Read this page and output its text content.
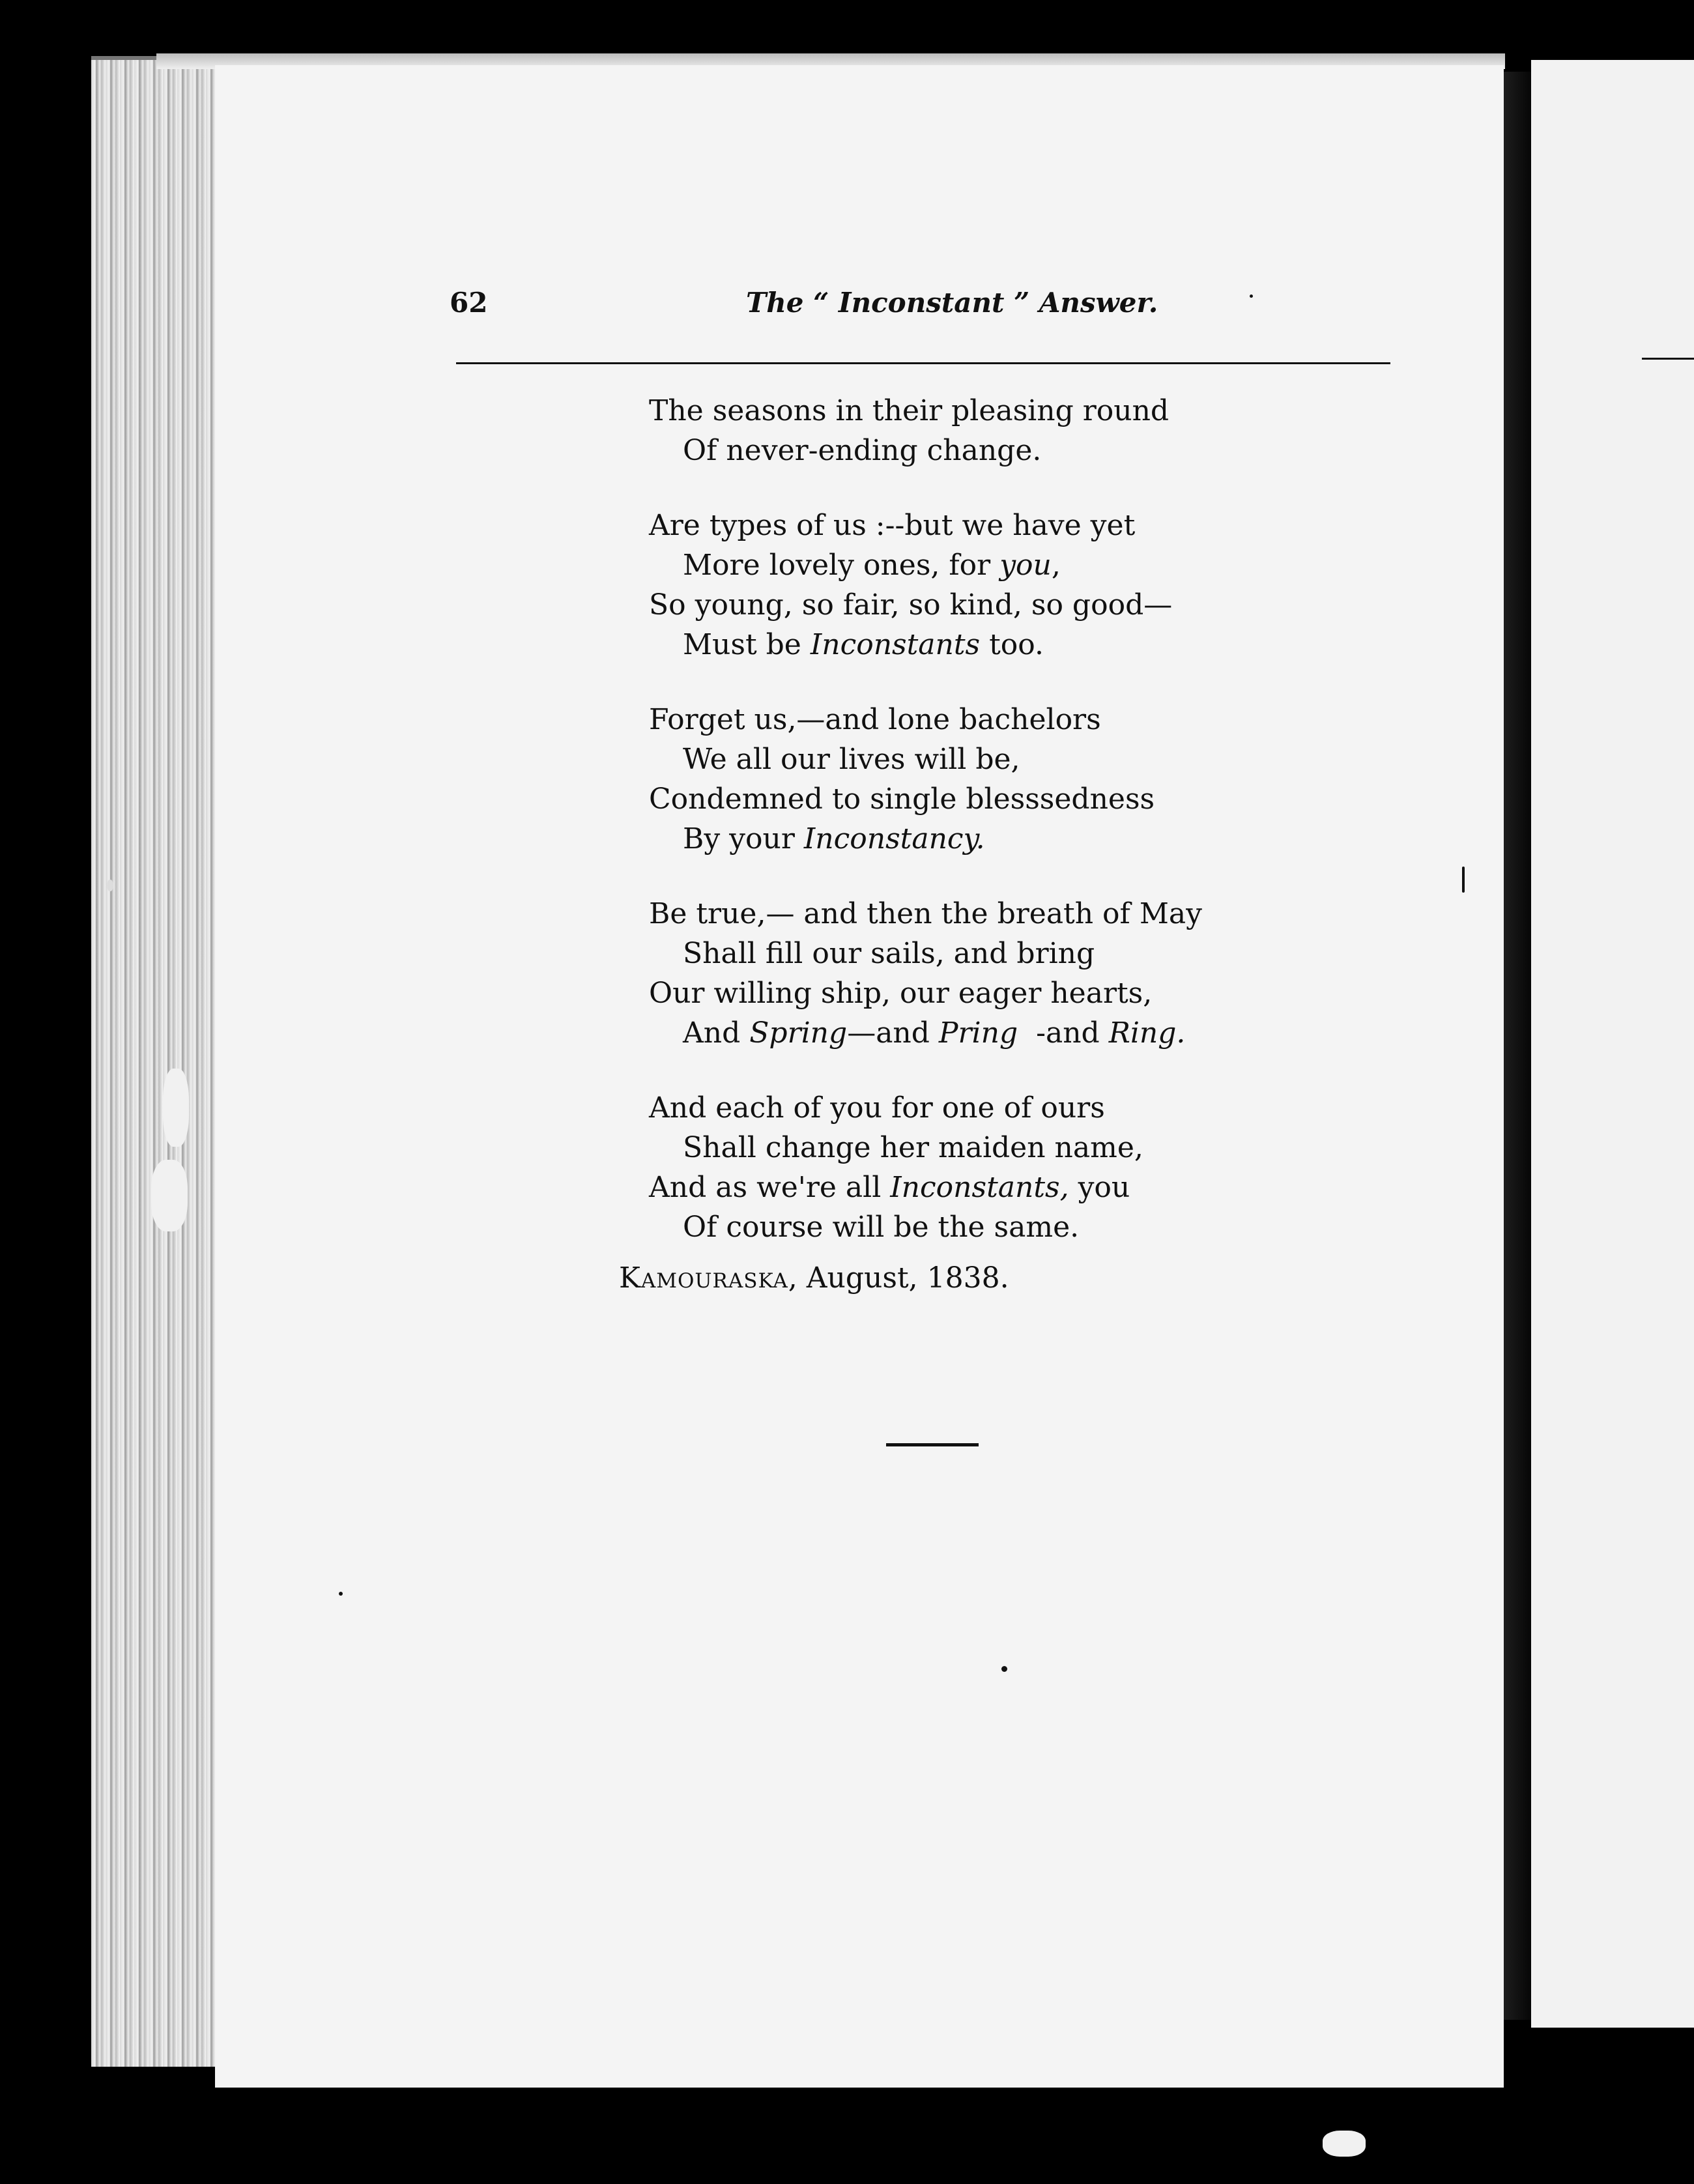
62	The “ Inconstant ” Answer.
The seasons in their pleasing round
Of never-ending change.
Are types of us :--but we have yet
More lovely ones, for you,
So young, so fair, so kind, so good—
Must be Inconstants too.
Forget us,—and lone bachelors
We all our lives will be,
Condemned to single blesssedness
By your Inconstancy.
Be true,— and then the breath of May
Shall fill our sails, and bring
Our willing ship, our eager hearts,
And Spring—and Pring  -and Ring.
And each of you for one of ours
Shall change her maiden name,
And as we're all Inconstants, you
Of course will be the same.
Kamouraska, August, 1838.
